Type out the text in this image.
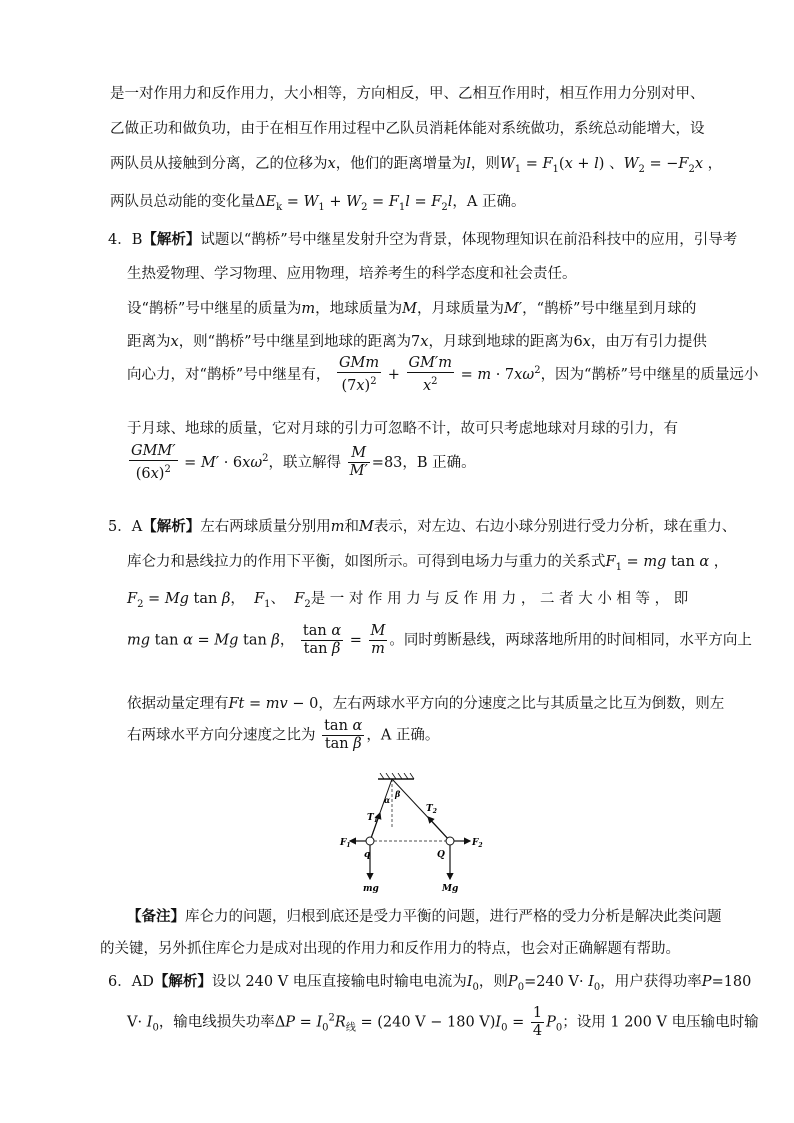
是一对作用力和反作用力，大小相等，方向相反，甲、乙相互作用时，相互作用力分别对甲、
乙做正功和做负功，由于在相互作用过程中乙队员消耗体能对系统做功，系统总动能增大，设
两队员从接触到分离，乙的位移为x，他们的距离增量为l，则$W_1 = F_1(x + l)$ 、$W_2 = -F_2x$ ，
两队员总动能的变化量$\Delta E_k = W_1 + W_2 = F_1l = F_2l$，A 正确。
4．B【解析】试题以“鹊桥”号中继星发射升空为背景，体现物理知识在前沿科技中的应用，引导考
生热爱物理、学习物理、应用物理，培养考生的科学态度和社会责任。
设“鹊桥”号中继星的质量为m，地球质量为M，月球质量为M′，“鹊桥”号中继星到月球的
距离为x，则“鹊桥”号中继星到地球的距离为7x，月球到地球的距离为6x，由万有引力提供
向心力，对“鹊桥”号中继星有， $\frac{\text{GMm}}{(7x)^2} + \frac{GM'm}{x^2} = m \cdot 7x\omega^2$，因为“鹊桥”号中继星的质量远小
于月球、地球的质量，它对月球的引力可忽略不计，故可只考虑地球对月球的引力，有
$\frac{\text{GMM′}}{(6x)^2} = M' \cdot 6x\omega^2$，联立解得 $\frac{M}{M'} =83$，B 正确。
5．A【解析】左右两球质量分别用m和M表示，对左边、右边小球分别进行受力分析，球在重力、
库仑力和悬线拉力的作用下平衡，如图所示。可得到电场力与重力的关系式$F_1$ = mg tan α ，
$F_2 = Mg$ tan β， $F_1$、 $F_2$是 一 对 作 用 力 与 反 作 用 力 ， 二 者 大 小 相 等 ， 即
mg tan α = Mg tan β， $\frac{\text{tan α}}{\text{tan β}} = \frac{M}{m}$ 。同时剪断悬线，两球落地所用的时间相同，水平方向上
依据动量定理有Ft = mv − 0，左右两球水平方向的分速度之比与其质量之比互为倒数，则左
右两球水平方向分速度之比为 $\frac{\text{tan α}}{\text{tan β}}$ ，A 正确。
$T_1$
$T_2$
α
β
$F_1$	$F_2$
q	Q
mg	Mg
【备注】库仑力的问题，归根到底还是受力平衡的问题，进行严格的受力分析是解决此类问题
的关键，另外抓住库仑力是成对出现的作用力和反作用力的特点，也会对正确解题有帮助。
6．AD【解析】设以 240 V 电压直接输电时输电电流为$I_0$，则$P_0=240$ $V\cdot I_0$，用户获得功率P=180
$V\cdot I_0$，输电线损失功率$\Delta P = I_0^2R_线 = (240$ V − 180 $V)I_0 = \frac{1}{4} P_0$；设用 1 200 V 电压输电时输
